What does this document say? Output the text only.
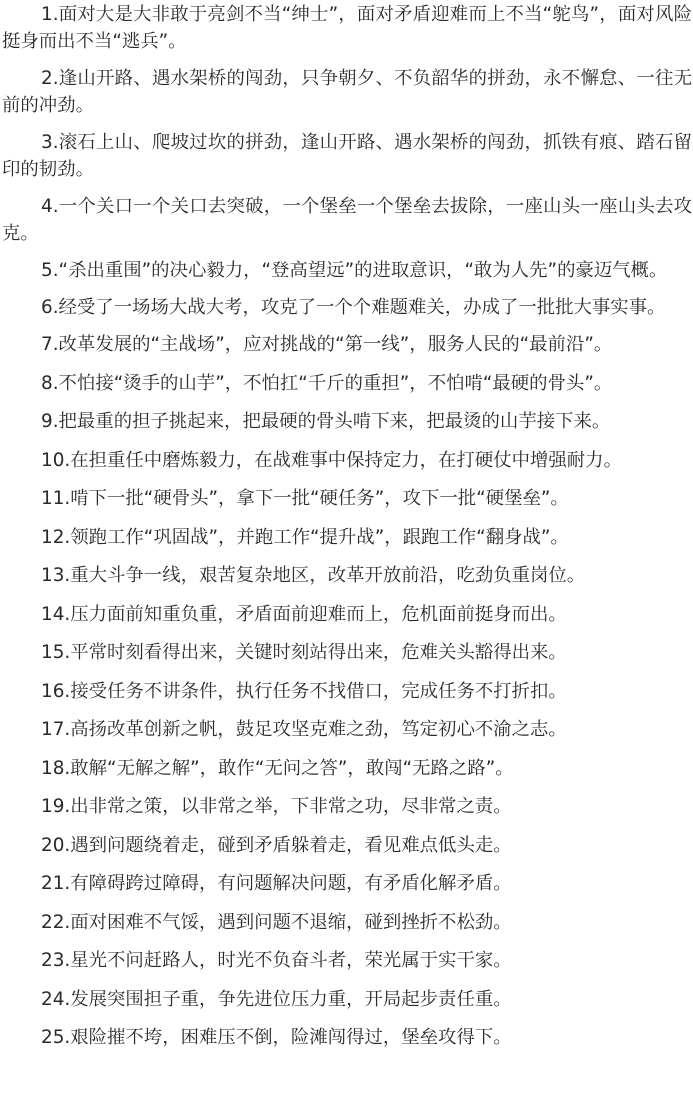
1.面对大是大非敢于亮剑不当“绅士”，面对矛盾迎难而上不当“鸵鸟”，面对风险挺身而出不当“逃兵”。

2.逢山开路、遇水架桥的闯劲，只争朝夕、不负韶华的拼劲，永不懈怠、一往无前的冲劲。

3.滚石上山、爬坡过坎的拼劲，逢山开路、遇水架桥的闯劲，抓铁有痕、踏石留印的韧劲。

4.一个关口一个关口去突破，一个堡垒一个堡垒去拔除，一座山头一座山头去攻克。

5.“杀出重围”的决心毅力，“登高望远”的进取意识，“敢为人先”的豪迈气概。

6.经受了一场场大战大考，攻克了一个个难题难关，办成了一批批大事实事。

7.改革发展的“主战场”，应对挑战的“第一线”，服务人民的“最前沿”。

8.不怕接“烫手的山芋”，不怕扛“千斤的重担”，不怕啃“最硬的骨头”。

9.把最重的担子挑起来，把最硬的骨头啃下来，把最烫的山芋接下来。

10.在担重任中磨炼毅力，在战难事中保持定力，在打硬仗中增强耐力。

11.啃下一批“硬骨头”，拿下一批“硬任务”，攻下一批“硬堡垒”。

12.领跑工作“巩固战”，并跑工作“提升战”，跟跑工作“翻身战”。

13.重大斗争一线，艰苦复杂地区，改革开放前沿，吃劲负重岗位。

14.压力面前知重负重，矛盾面前迎难而上，危机面前挺身而出。

15.平常时刻看得出来，关键时刻站得出来，危难关头豁得出来。

16.接受任务不讲条件，执行任务不找借口，完成任务不打折扣。

17.高扬改革创新之帆，鼓足攻坚克难之劲，笃定初心不渝之志。

18.敢解“无解之解”，敢作“无问之答”，敢闯“无路之路”。

19.出非常之策，以非常之举，下非常之功，尽非常之责。

20.遇到问题绕着走，碰到矛盾躲着走，看见难点低头走。

21.有障碍跨过障碍，有问题解决问题，有矛盾化解矛盾。

22.面对困难不气馁，遇到问题不退缩，碰到挫折不松劲。

23.星光不问赶路人，时光不负奋斗者，荣光属于实干家。

24.发展突围担子重，争先进位压力重，开局起步责任重。

25.艰险摧不垮，困难压不倒，险滩闯得过，堡垒攻得下。
